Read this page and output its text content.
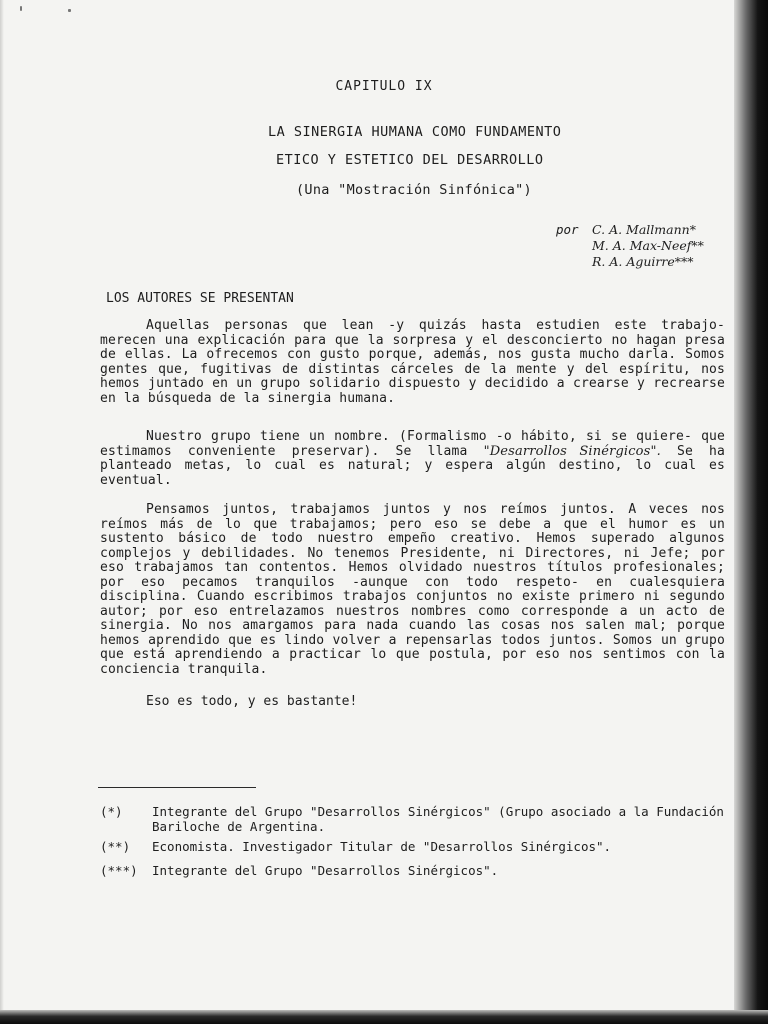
CAPITULO IX
LA SINERGIA HUMANA COMO FUNDAMENTO
ETICO Y ESTETICO DEL DESARROLLO
(Una "Mostración Sinfónica")
por C. A. Mallmann*
M. A. Max-Neef**
R. A. Aguirre***
LOS AUTORES SE PRESENTAN

Aquellas personas que lean -y quizás hasta estudien este trabajo- merecen una explicación para que la sorpresa y el desconcierto no hagan presa de ellas. La ofrecemos con gusto porque, además, nos gusta mucho darla. Somos gentes que, fugitivas de distintas cárceles de la mente y del espíritu, nos hemos juntado en un grupo solidario dispuesto y decidido a crearse y recrearse en la búsqueda de la sinergia humana.

Nuestro grupo tiene un nombre. (Formalismo -o hábito, si se quiere- que estimamos conveniente preservar). Se llama "Desarrollos Sinérgicos". Se ha planteado metas, lo cual es natural; y espera algún destino, lo cual es eventual.

Pensamos juntos, trabajamos juntos y nos reímos juntos. A veces nos reímos más de lo que trabajamos; pero eso se debe a que el humor es un sustento básico de todo nuestro empeño creativo. Hemos superado algunos complejos y debilidades. No tenemos Presidente, ni Directores, ni Jefe; por eso trabajamos tan contentos. Hemos olvidado nuestros títulos profesionales; por eso pecamos tranquilos -aunque con todo respeto- en cualesquiera disciplina. Cuando escribimos trabajos conjuntos no existe primero ni segundo autor; por eso entrelazamos nuestros nombres como corresponde a un acto de sinergia. No nos amargamos para nada cuando las cosas nos salen mal; porque hemos aprendido que es lindo volver a repensarlas todos juntos. Somos un grupo que está aprendiendo a practicar lo que postula, por eso nos sentimos con la conciencia tranquila.

Eso es todo, y es bastante!
(*) Integrante del Grupo "Desarrollos Sinérgicos" (Grupo asociado a la Fundación Bariloche de Argentina.
(**) Economista. Investigador Titular de "Desarrollos Sinérgicos".
(***) Integrante del Grupo "Desarrollos Sinérgicos".
